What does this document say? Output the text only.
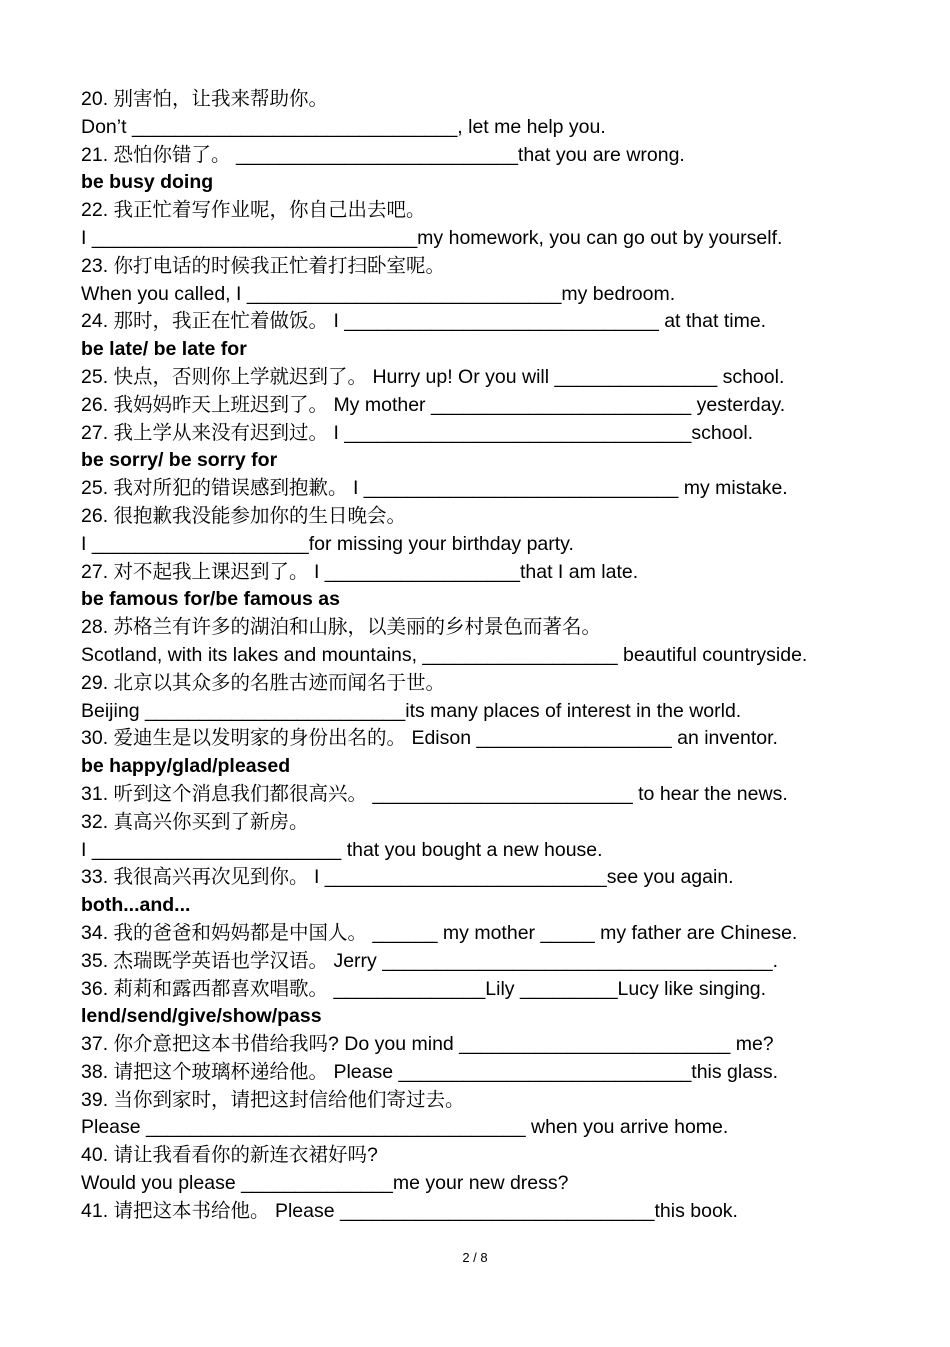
20. 别害怕，让我来帮助你。
Don’t ______________________________, let me help you.
21. 恐怕你错了。 __________________________that you are wrong.
be busy doing
22. 我正忙着写作业呢，你自己出去吧。
I ______________________________my homework, you can go out by yourself.
23. 你打电话的时候我正忙着打扫卧室呢。
When you called, I _____________________________my bedroom.
24. 那时，我正在忙着做饭。 I _____________________________ at that time.
be late/ be late for
25. 快点，否则你上学就迟到了。 Hurry up! Or you will _______________ school.
26. 我妈妈昨天上班迟到了。 My mother ________________________ yesterday.
27. 我上学从来没有迟到过。 I ________________________________school.
be sorry/ be sorry for
25. 我对所犯的错误感到抱歉。 I _____________________________ my mistake.
26. 很抱歉我没能参加你的生日晚会。
I ____________________for missing your birthday party.
27. 对不起我上课迟到了。 I __________________that I am late.
be famous for/be famous as
28. 苏格兰有许多的湖泊和山脉，以美丽的乡村景色而著名。
Scotland, with its lakes and mountains, __________________ beautiful countryside.
29. 北京以其众多的名胜古迹而闻名于世。
Beijing ________________________its many places of interest in the world.
30. 爱迪生是以发明家的身份出名的。 Edison __________________ an inventor.
be happy/glad/pleased
31. 听到这个消息我们都很高兴。 ________________________ to hear the news.
32. 真高兴你买到了新房。
I _______________________ that you bought a new house.
33. 我很高兴再次见到你。 I __________________________see you again.
both...and...
34. 我的爸爸和妈妈都是中国人。 ______ my mother _____ my father are Chinese.
35. 杰瑞既学英语也学汉语。 Jerry ____________________________________.
36. 莉莉和露西都喜欢唱歌。 ______________Lily _________Lucy like singing.
lend/send/give/show/pass
37. 你介意把这本书借给我吗? Do you mind _________________________ me?
38. 请把这个玻璃杯递给他。 Please ___________________________this glass.
39. 当你到家时，请把这封信给他们寄过去。
Please ___________________________________ when you arrive home.
40. 请让我看看你的新连衣裙好吗?
Would you please ______________me your new dress?
41. 请把这本书给他。 Please _____________________________this book.
2 / 8
